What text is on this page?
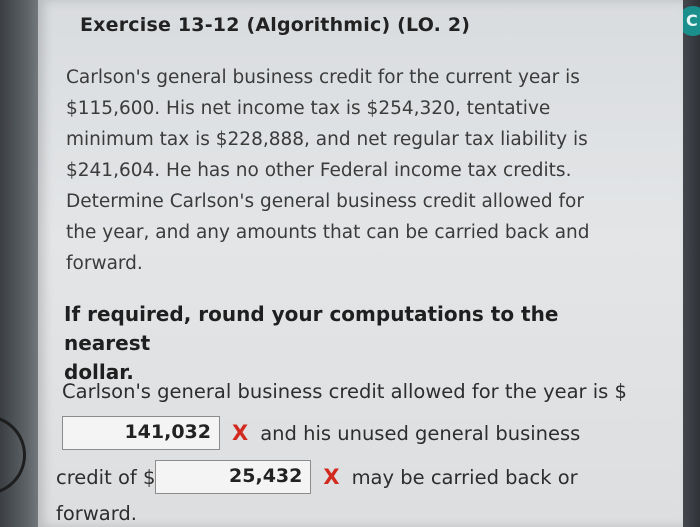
C
Exercise 13-12 (Algorithmic) (LO. 2)
Carlson's general business credit for the current year is
$115,600. His net income tax is $254,320, tentative
minimum tax is $228,888, and net regular tax liability is
$241,604. He has no other Federal income tax credits.
Determine Carlson's general business credit allowed for
the year, and any amounts that can be carried back and
forward.
If required, round your computations to the nearest
dollar.
Carlson's general business credit allowed for the year is $
141,032	X and his unused general business
credit of $	25,432	X may be carried back or
forward.
